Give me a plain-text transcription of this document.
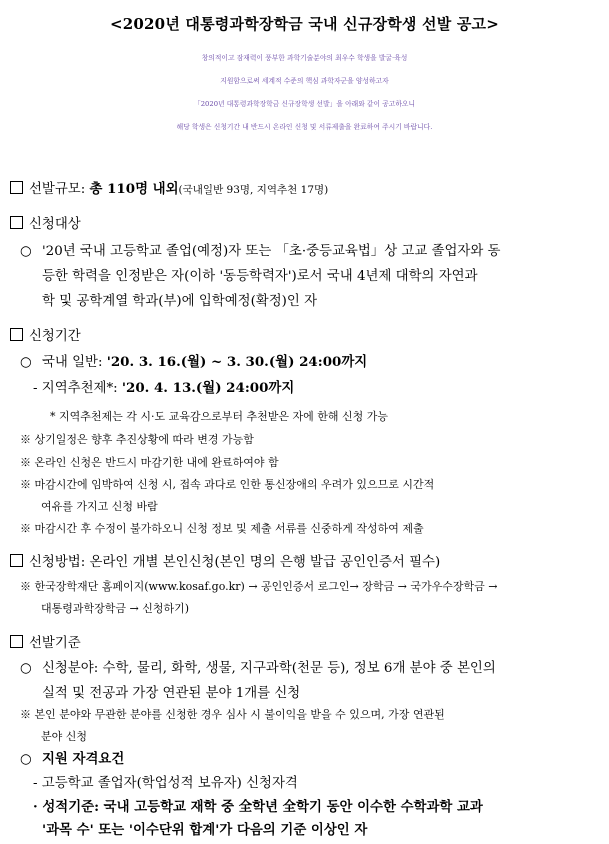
<2020년 대통령과학장학금 국내 신규장학생 선발 공고>
창의적이고 잠재력이 풍부한 과학기술분야의 최우수 학생을 발굴·육성
지원함으로써 세계적 수준의 핵심 과학자군을 양성하고자
「2020년 대통령과학장학금 신규장학생 선발」을 아래와 같이 공고하오니
해당 학생은 신청기간 내 반드시 온라인 신청 및 서류제출을 완료하여 주시기 바랍니다.
선발규모: 총 110명 내외(국내일반 93명, 지역추천 17명)
신청대상
○ '20년 국내 고등학교 졸업(예정)자 또는 「초·중등교육법」상 고교 졸업자와 동
등한 학력을 인정받은 자(이하 '동등학력자')로서 국내 4년제 대학의 자연과
학 및 공학계열 학과(부)에 입학예정(확정)인 자
신청기간
○ 국내 일반: '20. 3. 16.(월) ~ 3. 30.(월) 24:00까지
- 지역추천제*: '20. 4. 13.(월) 24:00까지
* 지역추천제는 각 시·도 교육감으로부터 추천받은 자에 한해 신청 가능
※ 상기일정은 향후 추진상황에 따라 변경 가능함
※ 온라인 신청은 반드시 마감기한 내에 완료하여야 함
※ 마감시간에 임박하여 신청 시, 접속 과다로 인한 통신장애의 우려가 있으므로 시간적
여유를 가지고 신청 바람
※ 마감시간 후 수정이 불가하오니 신청 정보 및 제출 서류를 신중하게 작성하여 제출
신청방법: 온라인 개별 본인신청(본인 명의 은행 발급 공인인증서 필수)
※ 한국장학재단 홈페이지(www.kosaf.go.kr) → 공인인증서 로그인→ 장학금 → 국가우수장학금 →
대통령과학장학금 → 신청하기)
선발기준
○ 신청분야: 수학, 물리, 화학, 생물, 지구과학(천문 등), 정보 6개 분야 중 본인의
실적 및 전공과 가장 연관된 분야 1개를 신청
※ 본인 분야와 무관한 분야를 신청한 경우 심사 시 불이익을 받을 수 있으며, 가장 연관된
분야 신청
○ 지원 자격요건
- 고등학교 졸업자(학업성적 보유자) 신청자격
· 성적기준: 국내 고등학교 재학 중 全학년 全학기 동안 이수한 수학과학 교과
'과목 수' 또는 '이수단위 합계'가 다음의 기준 이상인 자
